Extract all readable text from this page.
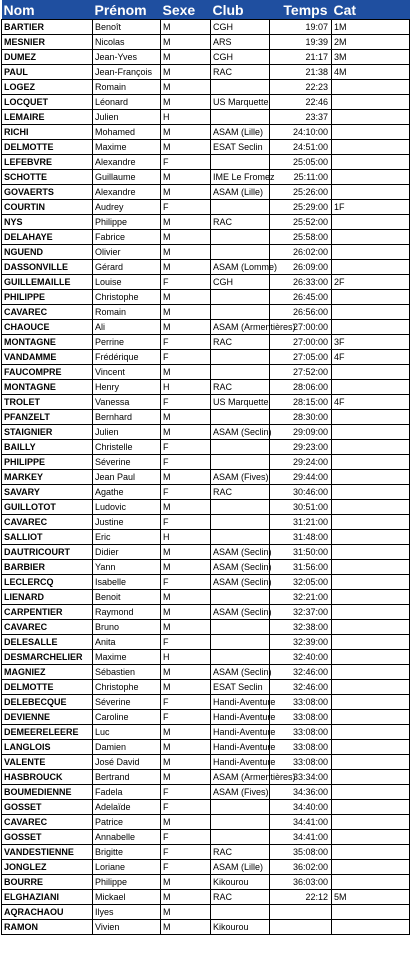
Nom	Prénom	Sexe	Club	Temps	Cat
BARTIER	Benoît	M	CGH	19:07	1M
MESNIER	Nicolas	M	ARS	19:39	2M
DUMEZ	Jean-Yves	M	CGH	21:17	3M
PAUL	Jean-François	M	RAC	21:38	4M
LOGEZ	Romain	M		22:23	
LOCQUET	Léonard	M	US Marquette	22:46	
LEMAIRE	Julien	H		23:37	
RICHI	Mohamed	M	ASAM (Lille)	24:10:00	
DELMOTTE	Maxime	M	ESAT Seclin	24:51:00	
LEFEBVRE	Alexandre	F		25:05:00	
SCHOTTE	Guillaume	M	IME Le Fromez	25:11:00	
GOVAERTS	Alexandre	M	ASAM (Lille)	25:26:00	
COURTIN	Audrey	F		25:29:00	1F
NYS	Philippe	M	RAC	25:52:00	
DELAHAYE	Fabrice	M		25:58:00	
NGUEND	Olivier	M		26:02:00	
DASSONVILLE	Gérard	M	ASAM (Lomme)	26:09:00	
GUILLEMAILLE	Louise	F	CGH	26:33:00	2F
PHILIPPE	Christophe	M		26:45:00	
CAVAREC	Romain	M		26:56:00	
CHAOUCE	Ali	M	ASAM (Armentières)	27:00:00	
MONTAGNE	Perrine	F	RAC	27:00:00	3F
VANDAMME	Frédérique	F		27:05:00	4F
FAUCOMPRE	Vincent	M		27:52:00	
MONTAGNE	Henry	H	RAC	28:06:00	
TROLET	Vanessa	F	US Marquette	28:15:00	4F
PFANZELT	Bernhard	M		28:30:00	
STAIGNIER	Julien	M	ASAM (Seclin)	29:09:00	
BAILLY	Christelle	F		29:23:00	
PHILIPPE	Séverine	F		29:24:00	
MARKEY	Jean Paul	M	ASAM (Fives)	29:44:00	
SAVARY	Agathe	F	RAC	30:46:00	
GUILLOTOT	Ludovic	M		30:51:00	
CAVAREC	Justine	F		31:21:00	
SALLIOT	Eric	H		31:48:00	
DAUTRICOURT	Didier	M	ASAM (Seclin)	31:50:00	
BARBIER	Yann	M	ASAM (Seclin)	31:56:00	
LECLERCQ	Isabelle	F	ASAM (Seclin)	32:05:00	
LIENARD	Benoit	M		32:21:00	
CARPENTIER	Raymond	M	ASAM (Seclin)	32:37:00	
CAVAREC	Bruno	M		32:38:00	
DELESALLE	Anita	F		32:39:00	
DESMARCHELIER	Maxime	H		32:40:00	
MAGNIEZ	Sébastien	M	ASAM (Seclin)	32:46:00	
DELMOTTE	Christophe	M	ESAT Seclin	32:46:00	
DELEBECQUE	Séverine	F	Handi-Aventure	33:08:00	
DEVIENNE	Caroline	F	Handi-Aventure	33:08:00	
DEMEERELEERE	Luc	M	Handi-Aventure	33:08:00	
LANGLOIS	Damien	M	Handi-Aventure	33:08:00	
VALENTE	José David	M	Handi-Aventure	33:08:00	
HASBROUCK	Bertrand	M	ASAM (Armentières)	33:34:00	
BOUMEDIENNE	Fadela	F	ASAM (Fives)	34:36:00	
GOSSET	Adelaïde	F		34:40:00	
CAVAREC	Patrice	M		34:41:00	
GOSSET	Annabelle	F		34:41:00	
VANDESTIENNE	Brigitte	F	RAC	35:08:00	
JONGLEZ	Loriane	F	ASAM (Lille)	36:02:00	
BOURRE	Philippe	M	Kikourou	36:03:00	
ELGHAZIANI	Mickael	M	RAC	22:12	5M
AQRACHAOU	Ilyes	M			
RAMON	Vivien	M	Kikourou		
